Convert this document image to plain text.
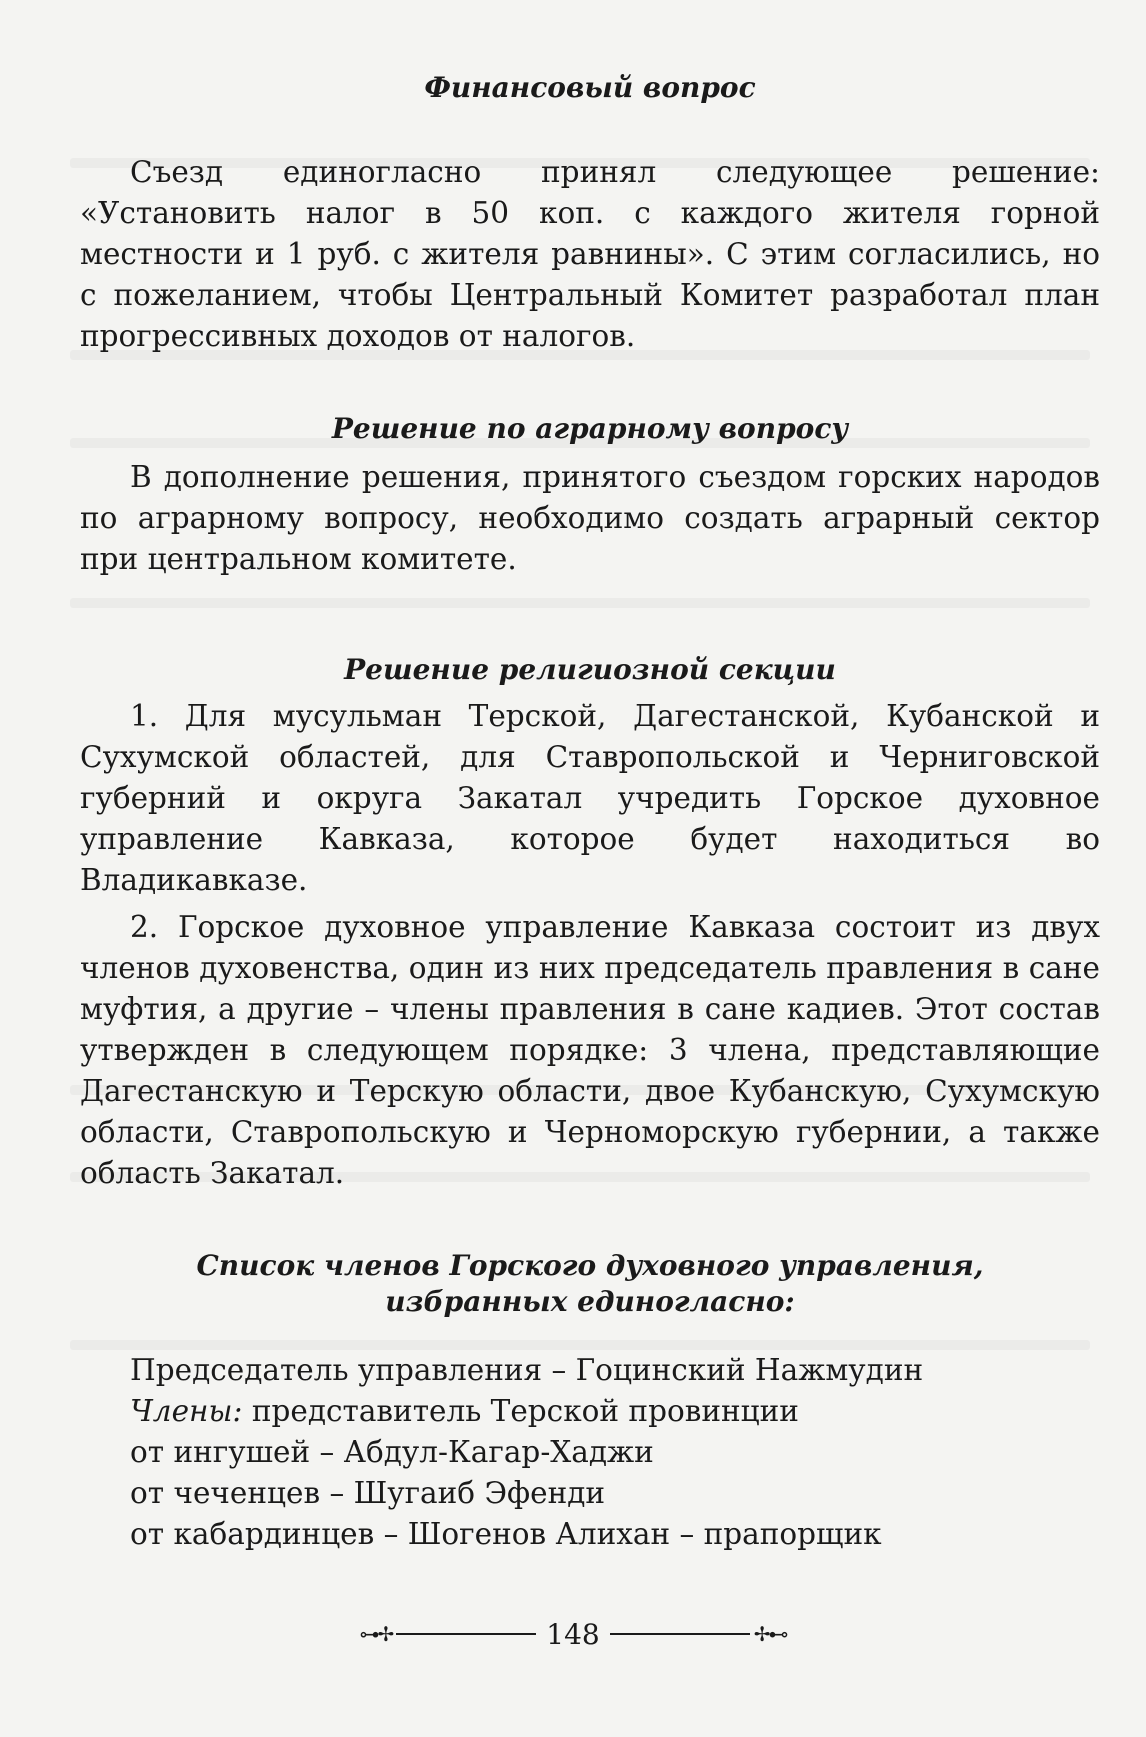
Финансовый вопрос

Съезд единогласно принял следующее решение: «Установить налог в 50 коп. с каждого жителя горной местности и 1 руб. с жителя равнины». С этим согласились, но с пожеланием, чтобы Центральный Комитет разработал план прогрессивных доходов от налогов.

Решение по аграрному вопросу

В дополнение решения, принятого съездом горских народов по аграрному вопросу, необходимо создать аграрный сектор при центральном комитете.

Решение религиозной секции

1. Для мусульман Терской, Дагестанской, Кубанской и Сухумской областей, для Ставропольской и Черниговской губерний и округа Закатал учредить Горское духовное управление Кавказа, которое будет находиться во Владикавказе.

2. Горское духовное управление Кавказа состоит из двух членов духовенства, один из них председатель правления в сане муфтия, а другие – члены правления в сане кадиев. Этот состав утвержден в следующем порядке: 3 члена, представляющие Дагестанскую и Терскую области, двое Кубанскую, Сухумскую области, Ставропольскую и Черноморскую губернии, а также область Закатал.

Список членов Горского духовного управления,
избранных единогласно:

Председатель управления – Гоцинский Нажмудин

Члены: представитель Терской провинции

от ингушей – Абдул-Кагар-Хаджи

от чеченцев – Шугаиб Эфенди

от кабардинцев – Шогенов Алихан – прапорщик

⊶✢	148	✢⊷
